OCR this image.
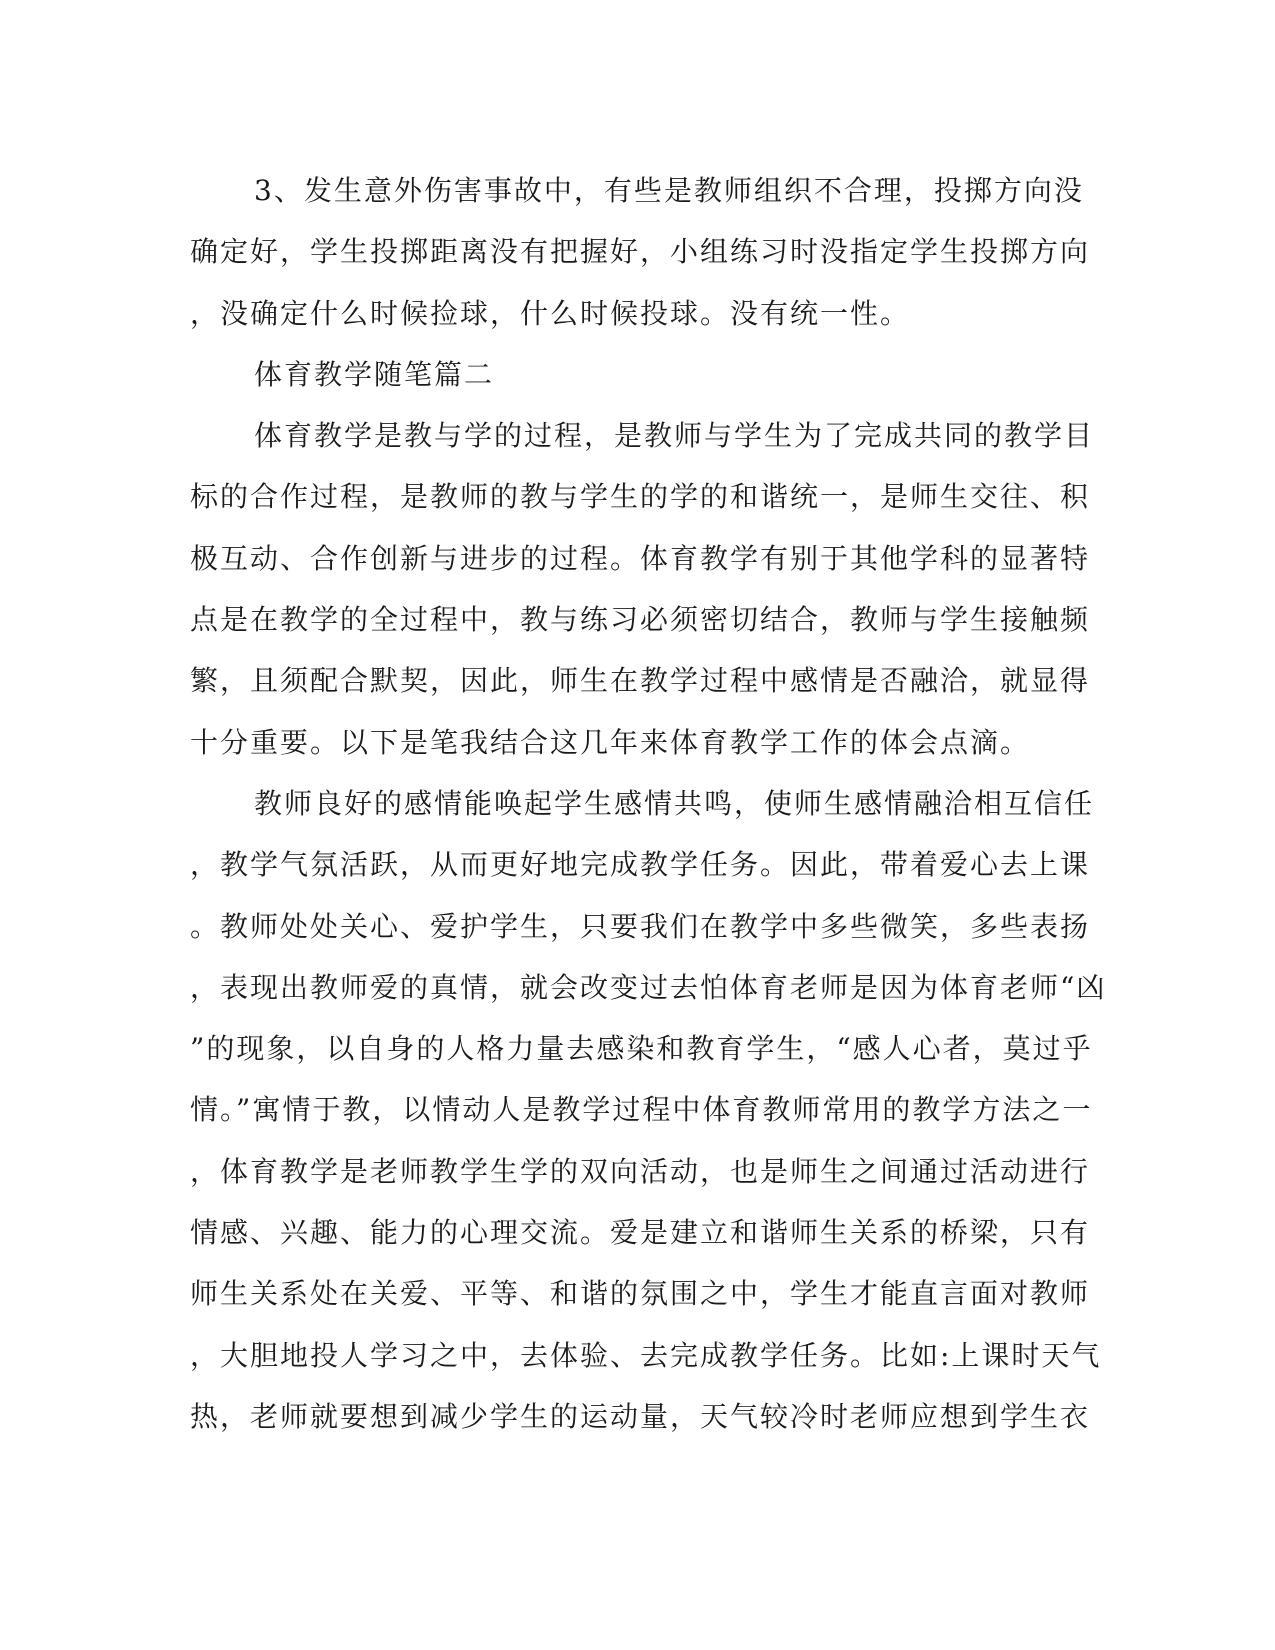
3、发生意外伤害事故中，有些是教师组织不合理，投掷方向没
确定好，学生投掷距离没有把握好，小组练习时没指定学生投掷方向
，没确定什么时候捡球，什么时候投球。没有统一性。
体育教学随笔篇二
体育教学是教与学的过程，是教师与学生为了完成共同的教学目
标的合作过程，是教师的教与学生的学的和谐统一，是师生交往、积
极互动、合作创新与进步的过程。体育教学有别于其他学科的显著特
点是在教学的全过程中，教与练习必须密切结合，教师与学生接触频
繁，且须配合默契，因此，师生在教学过程中感情是否融洽，就显得
十分重要。以下是笔我结合这几年来体育教学工作的体会点滴。
教师良好的感情能唤起学生感情共鸣，使师生感情融洽相互信任
，教学气氛活跃，从而更好地完成教学任务。因此，带着爱心去上课
。教师处处关心、爱护学生，只要我们在教学中多些微笑，多些表扬
，表现出教师爱的真情，就会改变过去怕体育老师是因为体育老师“凶
”的现象，以自身的人格力量去感染和教育学生，“感人心者，莫过乎
情。”寓情于教，以情动人是教学过程中体育教师常用的教学方法之一
，体育教学是老师教学生学的双向活动，也是师生之间通过活动进行
情感、兴趣、能力的心理交流。爱是建立和谐师生关系的桥梁，只有
师生关系处在关爱、平等、和谐的氛围之中，学生才能直言面对教师
，大胆地投人学习之中，去体验、去完成教学任务。比如:上课时天气
热，老师就要想到减少学生的运动量，天气较冷时老师应想到学生衣
